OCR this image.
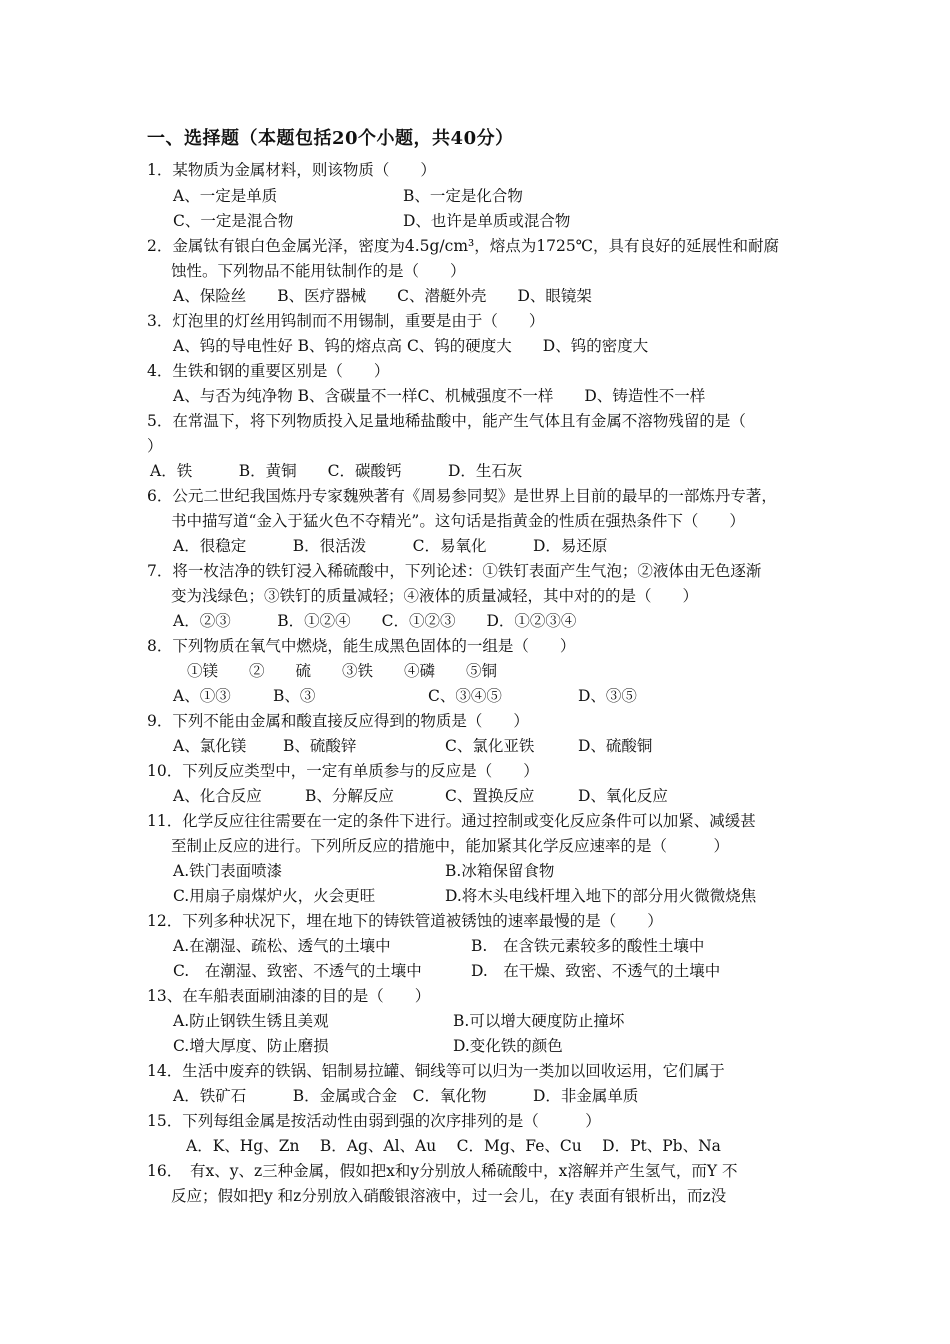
一、选择题（本题包括20个小题，共40分）
1．某物质为金属材料，则该物质（　　）
A、一定是单质	B、一定是化合物
C、一定是混合物	D、也许是单质或混合物
2．金属钛有银白色金属光泽，密度为4.5g/cm³，熔点为1725℃，具有良好的延展性和耐腐
蚀性。下列物品不能用钛制作的是（　　）
A、保险丝　　B、医疗器械　　C、潜艇外壳　　D、眼镜架
3．灯泡里的灯丝用钨制而不用锡制，重要是由于（　　）
A、钨的导电性好 B、钨的熔点高 C、钨的硬度大　　D、钨的密度大
4．生铁和钢的重要区别是（　　）
A、与否为纯净物 B、含碳量不一样C、机械强度不一样　　D、铸造性不一样
5．在常温下，将下列物质投入足量地稀盐酸中，能产生气体且有金属不溶物残留的是（
）
A．铁　　　B．黄铜　　C．碳酸钙　　　D．生石灰
6．公元二世纪我国炼丹专家魏殃著有《周易参同契》是世界上目前的最早的一部炼丹专著，
书中描写道“金入于猛火色不夺精光”。这句话是指黄金的性质在强热条件下（　　）
A．很稳定　　　B．很活泼　　　C．易氧化　　　D．易还原
7．将一枚洁净的铁钉浸入稀硫酸中，下列论述：①铁钉表面产生气泡；②液体由无色逐渐
变为浅绿色；③铁钉的质量减轻；④液体的质量减轻，其中对的的是（　　）
A．②③　　　B．①②④　　C．①②③　　D．①②③④
8．下列物质在氧气中燃烧，能生成黑色固体的一组是（　　）
①镁　　②　　硫　　③铁　　④磷　　⑤铜
A、①③	B、③	C、③④⑤	D、③⑤
9．下列不能由金属和酸直接反应得到的物质是（　　）
A、氯化镁 B、硫酸锌	C、氯化亚铁	D、硫酸铜
10．下列反应类型中，一定有单质参与的反应是（　　）
A、化合反应	B、分解反应	C、置换反应	D、氧化反应
11．化学反应往往需要在一定的条件下进行。通过控制或变化反应条件可以加紧、减缓甚
至制止反应的进行。下列所反应的措施中，能加紧其化学反应速率的是（　　　）
A.铁门表面喷漆	B.冰箱保留食物
C.用扇子扇煤炉火，火会更旺	D.将木头电线杆埋入地下的部分用火微微烧焦
12．下列多种状况下，埋在地下的铸铁管道被锈蚀的速率最慢的是（　　）
A.在潮湿、疏松、透气的土壤中	B.　在含铁元素较多的酸性土壤中
C.　在潮湿、致密、不透气的土壤中	D.　在干燥、致密、不透气的土壤中
13、在车船表面刷油漆的目的是（　　）
A.防止钢铁生锈且美观	B.可以增大硬度防止撞坏
C.增大厚度、防止磨损	D.变化铁的颜色
14．生活中废弃的铁锅、铝制易拉罐、铜线等可以归为一类加以回收运用，它们属于
A．铁矿石　　　B．金属或合金　C．氧化物　　　D．非金属单质
15．下列每组金属是按活动性由弱到强的次序排列的是（　　　）
A．K、Hg、Zn　 B．Ag、Al、Au　 C．Mg、Fe、Cu　 D．Pt、Pb、Na
16．　有x、y、z三种金属，假如把x和y分别放人稀硫酸中，x溶解并产生氢气，而Y 不
反应；假如把y 和z分别放入硝酸银溶液中，过一会儿，在y 表面有银析出，而z没
